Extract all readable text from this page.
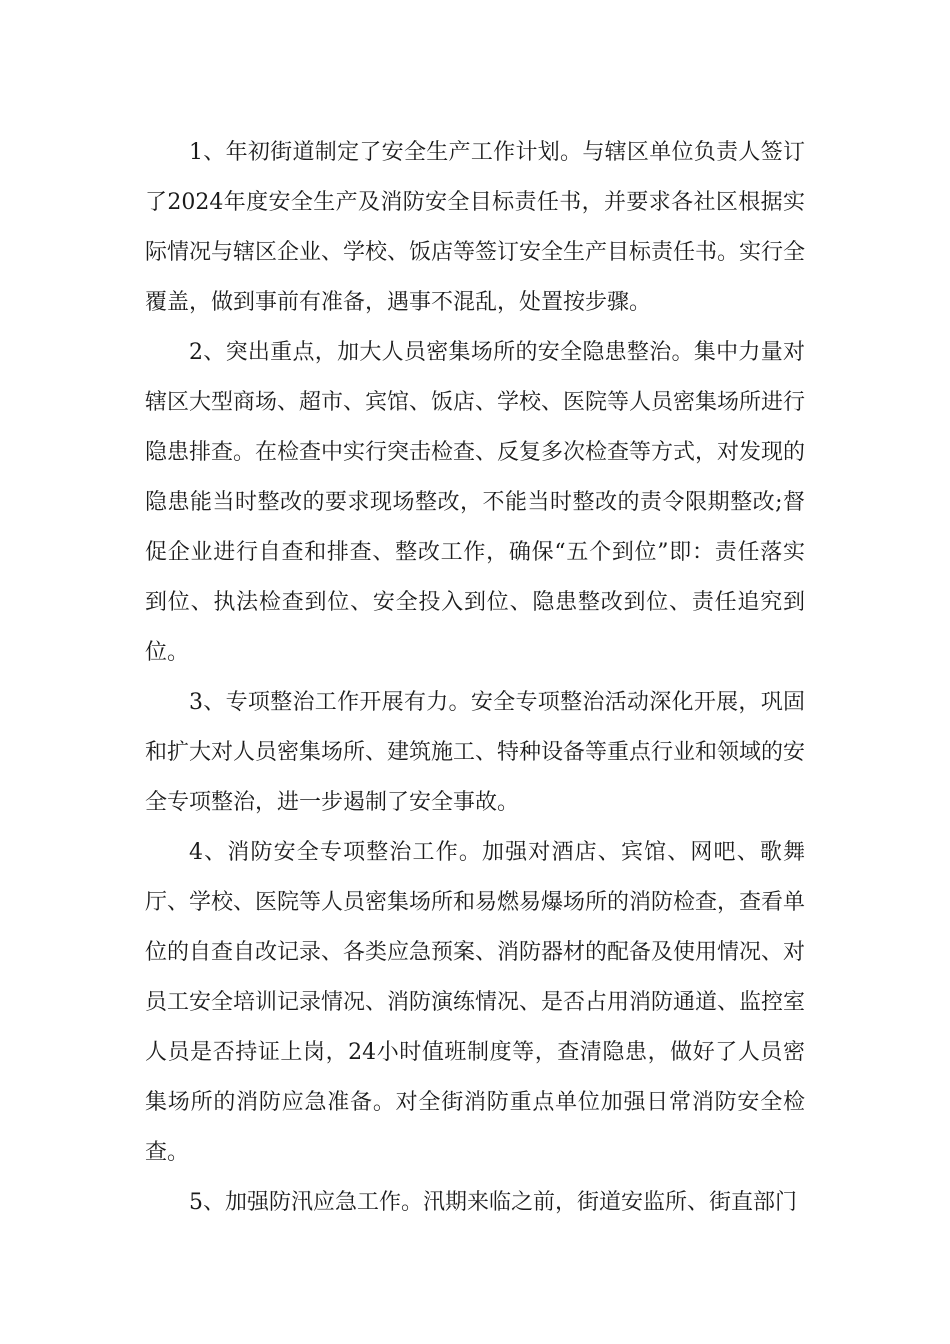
1、年初街道制定了安全生产工作计划。与辖区单位负责人签订了2024年度安全生产及消防安全目标责任书，并要求各社区根据实际情况与辖区企业、学校、饭店等签订安全生产目标责任书。实行全覆盖，做到事前有准备，遇事不混乱，处置按步骤。

2、突出重点，加大人员密集场所的安全隐患整治。集中力量对辖区大型商场、超市、宾馆、饭店、学校、医院等人员密集场所进行隐患排查。在检查中实行突击检查、反复多次检查等方式，对发现的隐患能当时整改的要求现场整改，不能当时整改的责令限期整改;督促企业进行自查和排查、整改工作，确保“五个到位”即：责任落实到位、执法检查到位、安全投入到位、隐患整改到位、责任追究到位。

3、专项整治工作开展有力。安全专项整治活动深化开展，巩固和扩大对人员密集场所、建筑施工、特种设备等重点行业和领域的安全专项整治，进一步遏制了安全事故。

4、消防安全专项整治工作。加强对酒店、宾馆、网吧、歌舞厅、学校、医院等人员密集场所和易燃易爆场所的消防检查，查看单位的自查自改记录、各类应急预案、消防器材的配备及使用情况、对员工安全培训记录情况、消防演练情况、是否占用消防通道、监控室人员是否持证上岗，24小时值班制度等，查清隐患，做好了人员密集场所的消防应急准备。对全街消防重点单位加强日常消防安全检查。

5、加强防汛应急工作。汛期来临之前，街道安监所、街直部门
